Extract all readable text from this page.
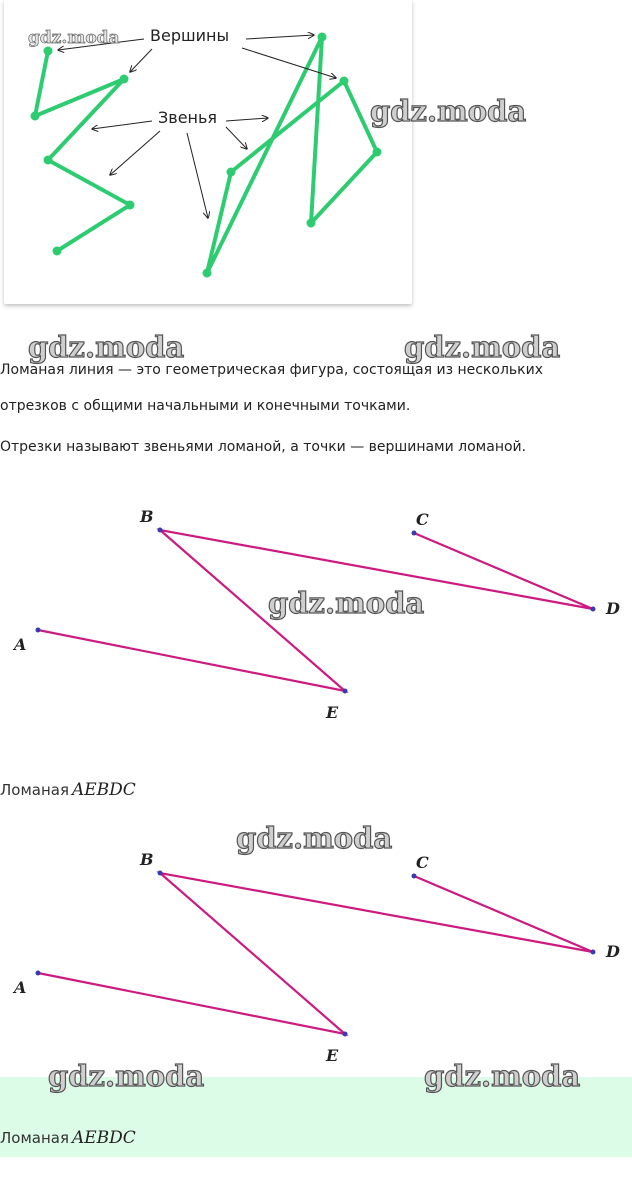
Вершины
Звенья
gdz.moda
gdz.moda
gdz.moda	gdz.moda
Ломаная линия — это геометрическая фигура, состоящая из нескольких
отрезков с общими начальными и конечными точками.
Отрезки называют звеньями ломаной, а точки — вершинами ломаной.
A
B	C
D
E
gdz.moda
Ломаная AEBDC
gdz.moda
A
B	C
D
E
gdz.moda	gdz.moda
Ломаная AEBDC
